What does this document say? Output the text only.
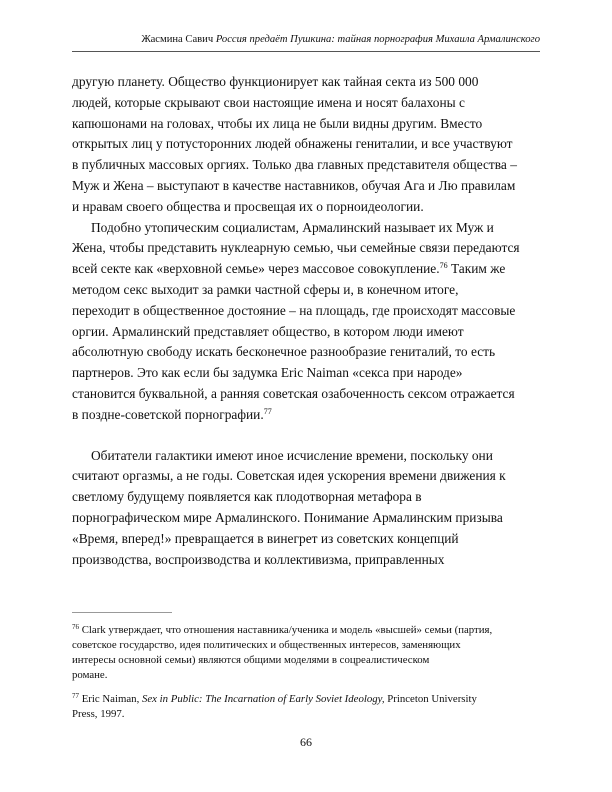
Жасмина Савич Россия предаёт Пушкина: тайная порнография Михаила Армалинского

другую планету. Общество функционирует как тайная секта из 500 000
людей, которые скрывают свои настоящие имена и носят балахоны с
капюшонами на головах, чтобы их лица не были видны другим. Вместо
открытых лиц у потусторонних людей обнажены гениталии, и все участвуют
в публичных массовых оргиях. Только два главных представителя общества –
Муж и Жена – выступают в качестве наставников, обучая Ага и Лю правилам
и нравам своего общества и просвещая их о порноидеологии.

Подобно утопическим социалистам, Армалинский называет их Муж и
Жена, чтобы представить нуклеарную семью, чьи семейные связи передаются
всей секте как «верховной семье» через массовое совокупление.$^{76}$ Таким же
методом секс выходит за рамки частной сферы и, в конечном итоге,
переходит в общественное достояние – на площадь, где происходят массовые
оргии. Армалинский представляет общество, в котором люди имеют
абсолютную свободу искать бесконечное разнообразие гениталий, то есть
партнеров. Это как если бы задумка Eric Naiman «секса при народе»
становится буквальной, а ранняя советская озабоченность сексом отражается
в поздне-советской порнографии.$^{77}$

Обитатели галактики имеют иное исчисление времени, поскольку они
считают оргазмы, а не годы. Советская идея ускорения времени движения к
светлому будущему появляется как плодотворная метафора в
порнографическом мире Армалинского. Понимание Армалинским призыва
«Время, вперед!» превращается в винегрет из советских концепций
производства, воспроизводства и коллективизма, приправленных

$^{76}$ Clark утверждает, что отношения наставника/ученика и модель «высшей» семьи (партия,
советское государство, идея политических и общественных интересов, заменяющих
интересы основной семьи) являются общими моделями в соцреалистическом
романе.
$^{77}$ Eric Naiman, Sex in Public: The Incarnation of Early Soviet Ideology, Princeton University
Press, 1997.
66
